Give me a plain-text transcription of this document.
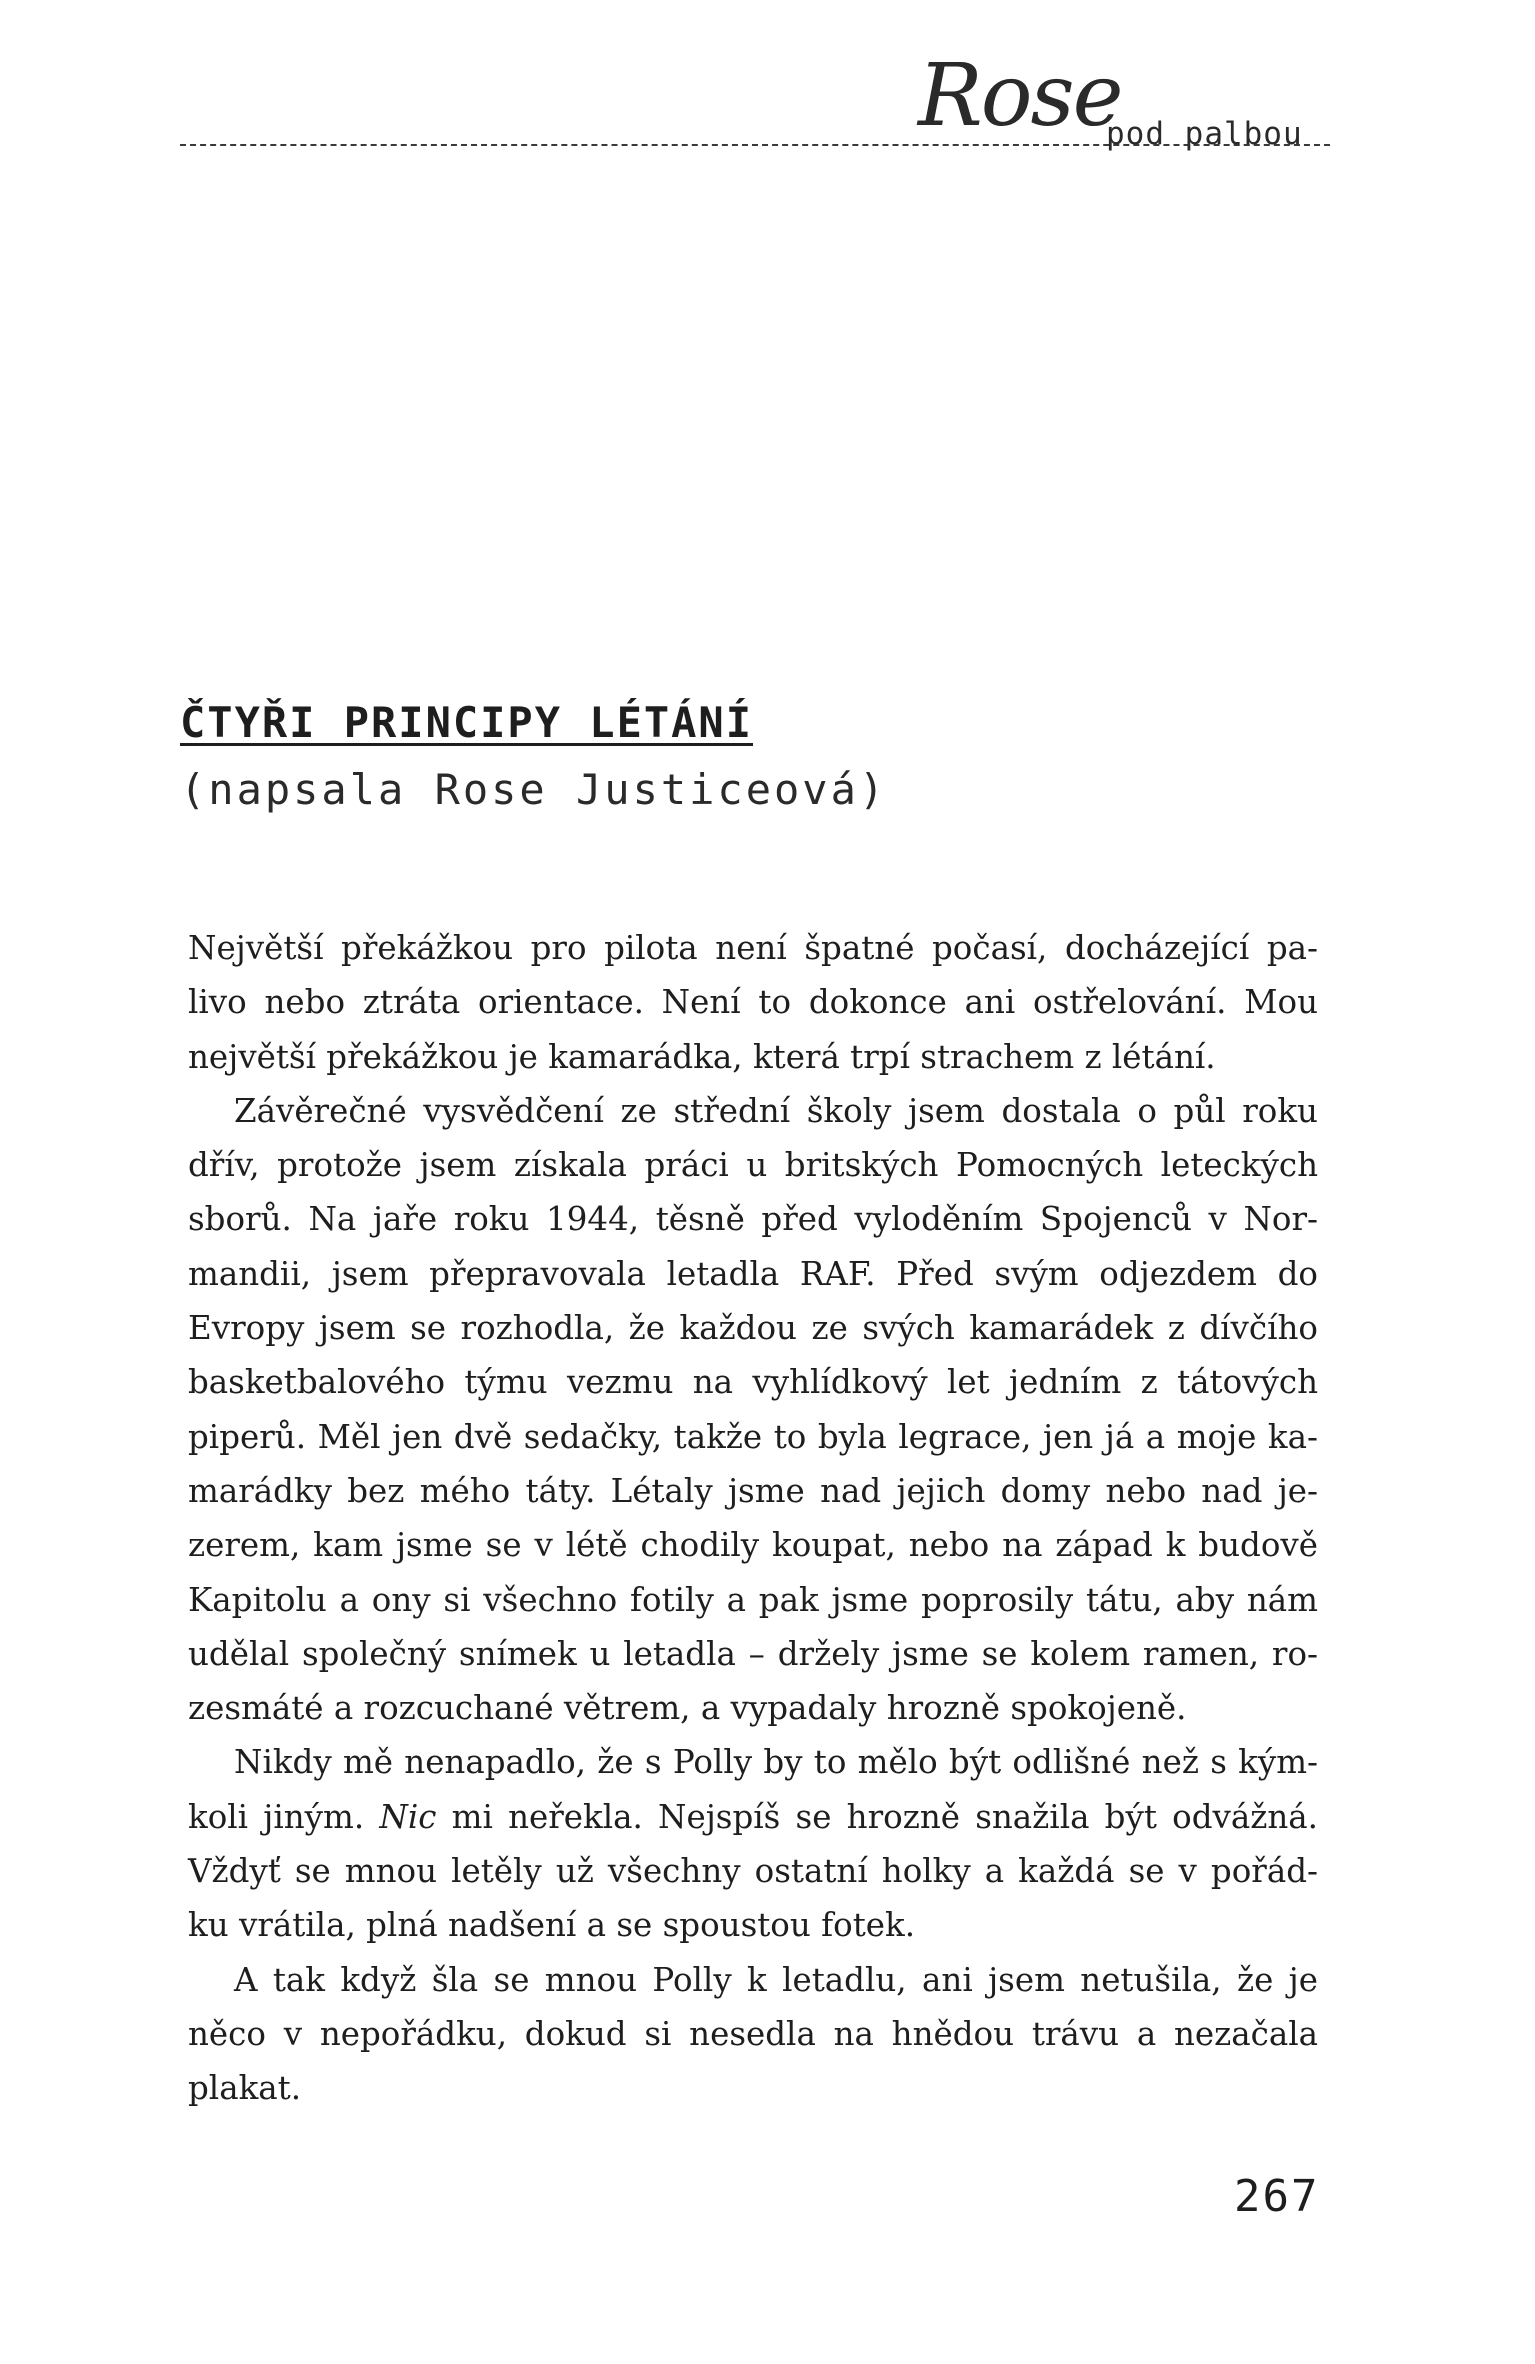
Rose
pod palbou
ČTYŘI PRINCIPY LÉTÁNÍ
(napsala Rose Justiceová)
Největší překážkou pro pilota není špatné počasí, docházející pa-
livo nebo ztráta orientace. Není to dokonce ani ostřelování. Mou
největší překážkou je kamarádka, která trpí strachem z létání.
Závěrečné vysvědčení ze střední školy jsem dostala o půl roku
dřív, protože jsem získala práci u britských Pomocných leteckých
sborů. Na jaře roku 1944, těsně před vyloděním Spojenců v Nor-
mandii, jsem přepravovala letadla RAF. Před svým odjezdem do
Evropy jsem se rozhodla, že každou ze svých kamarádek z dívčího
basketbalového týmu vezmu na vyhlídkový let jedním z tátových
piperů. Měl jen dvě sedačky, takže to byla legrace, jen já a moje ka-
marádky bez mého táty. Létaly jsme nad jejich domy nebo nad je-
zerem, kam jsme se v létě chodily koupat, nebo na západ k budově
Kapitolu a ony si všechno fotily a pak jsme poprosily tátu, aby nám
udělal společný snímek u letadla – držely jsme se kolem ramen, ro-
zesmáté a rozcuchané větrem, a vypadaly hrozně spokojeně.
Nikdy mě nenapadlo, že s Polly by to mělo být odlišné než s kým-
koli jiným. Nic mi neřekla. Nejspíš se hrozně snažila být odvážná.
Vždyť se mnou letěly už všechny ostatní holky a každá se v pořád-
ku vrátila, plná nadšení a se spoustou fotek.
A tak když šla se mnou Polly k letadlu, ani jsem netušila, že je
něco v nepořádku, dokud si nesedla na hnědou trávu a nezačala
plakat.
267
